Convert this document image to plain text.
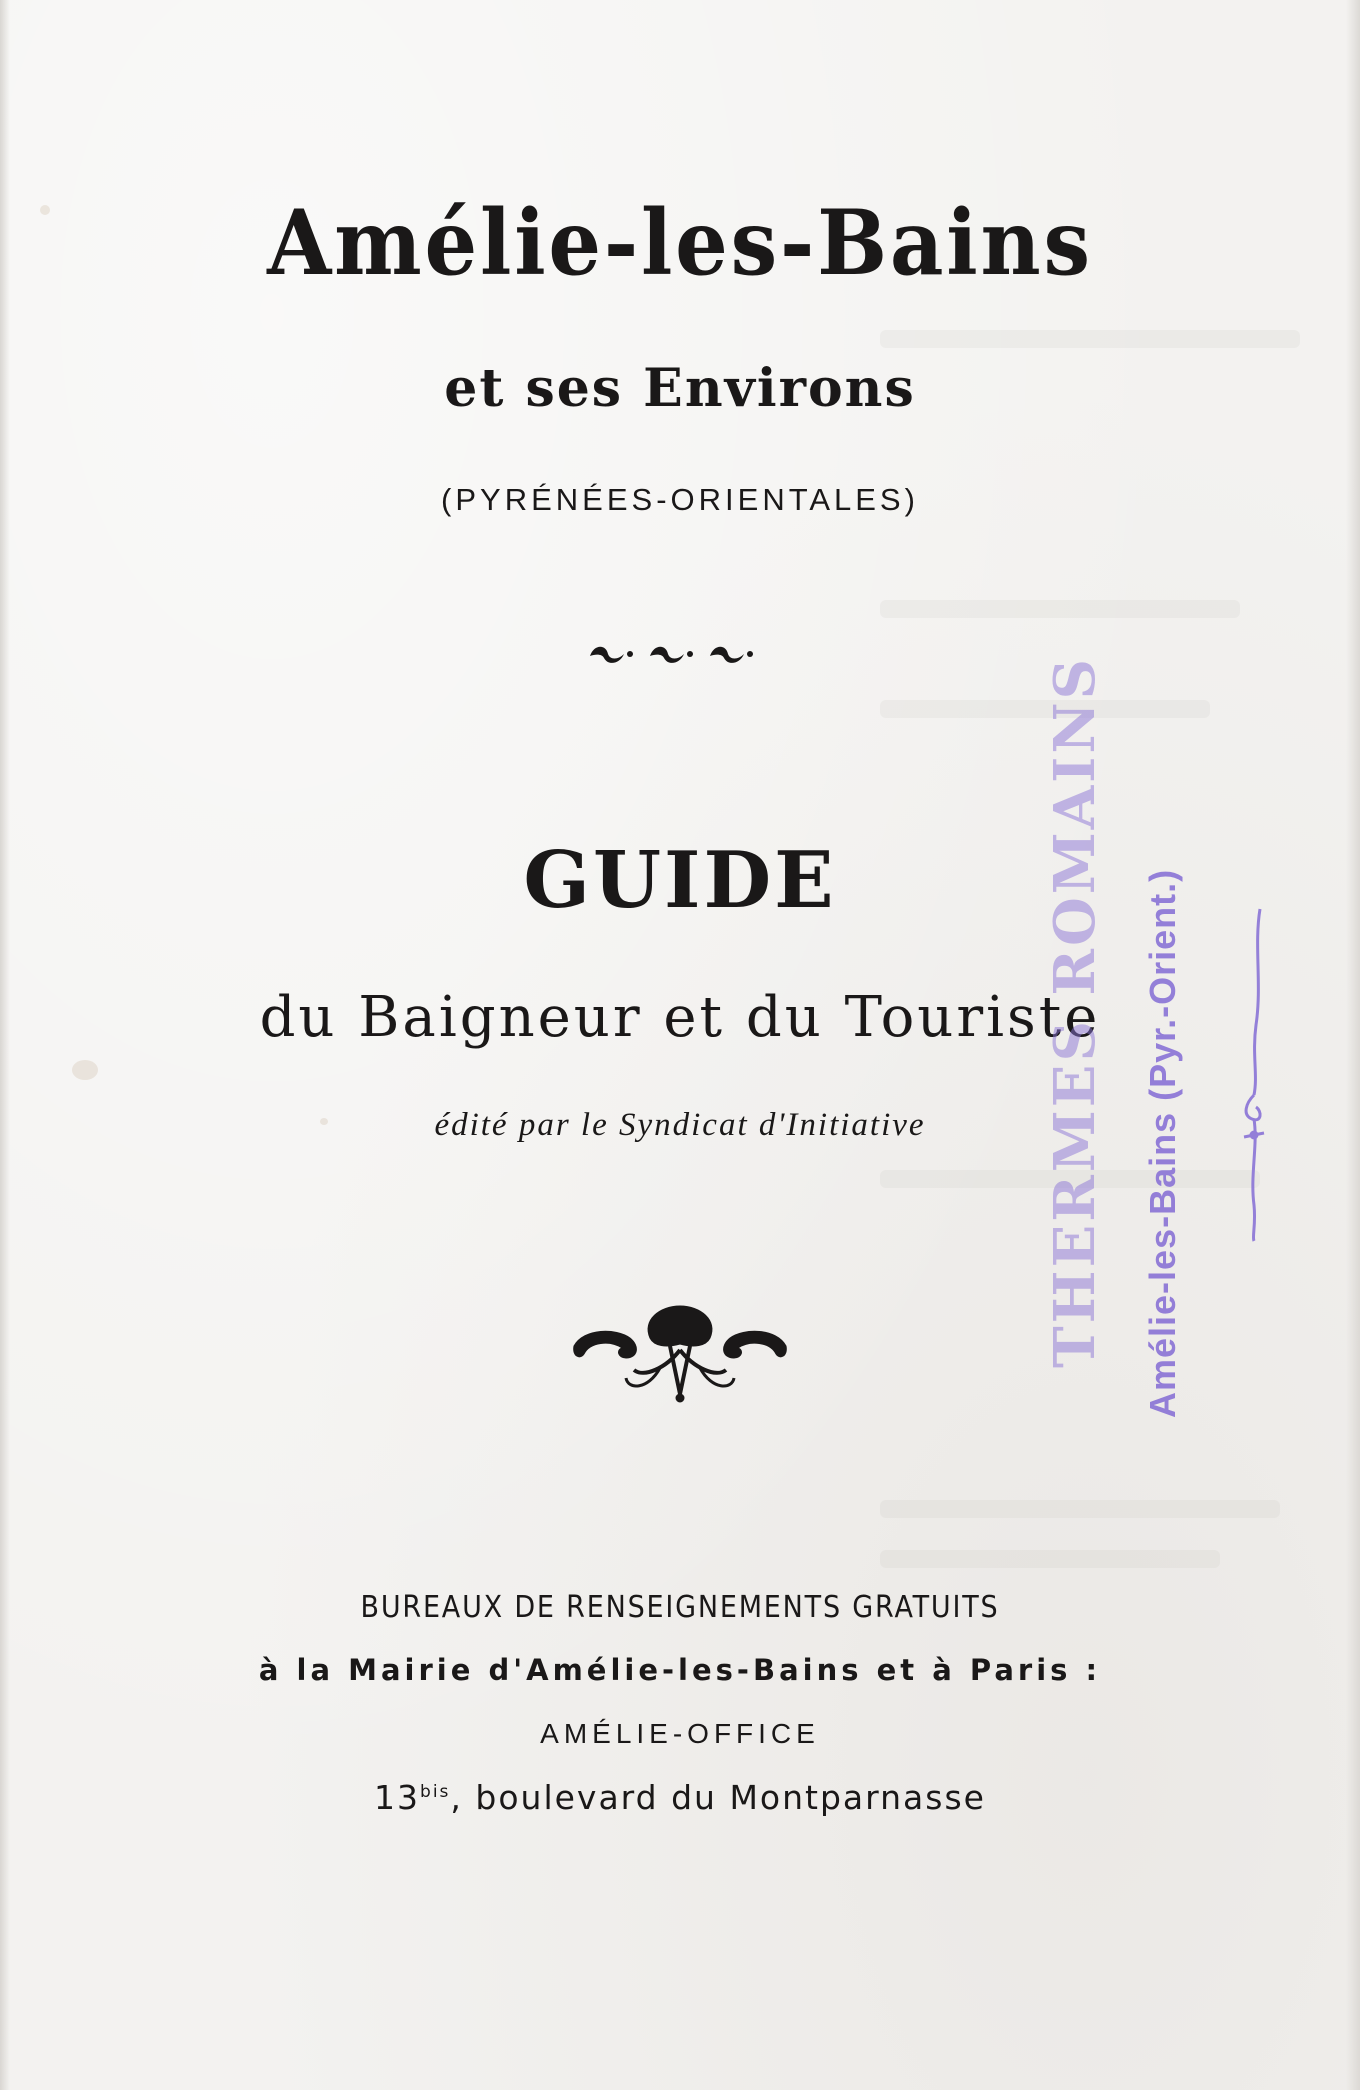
Amélie-les-Bains
et ses Environs
(PYRÉNÉES-ORIENTALES)
GUIDE
du Baigneur et du Touriste
édité par le Syndicat d'Initiative
BUREAUX DE RENSEIGNEMENTS GRATUITS
à la Mairie d'Amélie-les-Bains et à Paris :
AMÉLIE-OFFICE
$13^{bis}$, boulevard du Montparnasse
THERMES ROMAINS Amélie-les-Bains (Pyr.-Orient.)
